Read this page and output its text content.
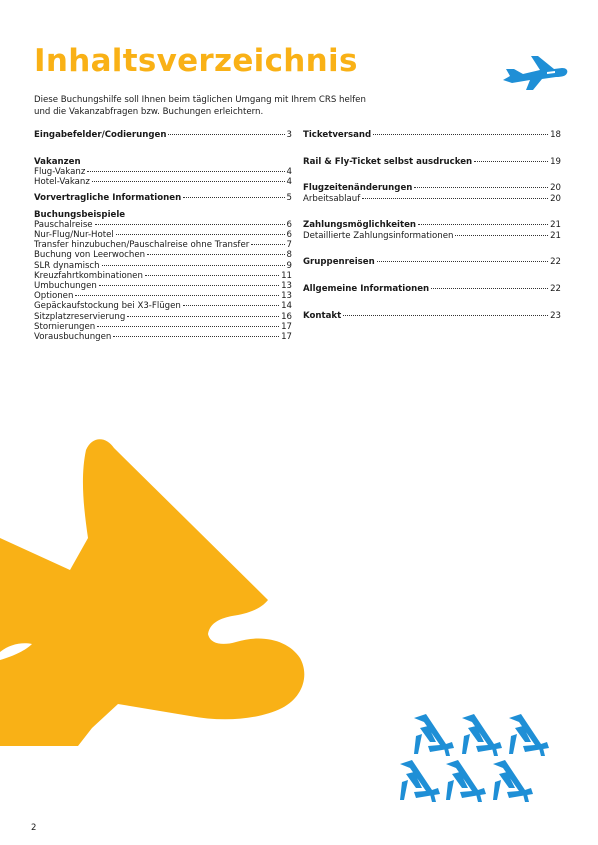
Inhaltsverzeichnis
Diese Buchungshilfe soll Ihnen beim täglichen Umgang mit Ihrem CRS helfen
und die Vakanzabfragen bzw. Buchungen erleichtern.
Eingabefelder/Codierungen	3
Vakanzen
Flug-Vakanz	4
Hotel-Vakanz	4
Vorvertragliche Informationen	5
Buchungsbeispiele
Pauschalreise	6
Nur-Flug/Nur-Hotel	6
Transfer hinzubuchen/Pauschalreise ohne Transfer	7
Buchung von Leerwochen	8
SLR dynamisch	9
Kreuzfahrtkombinationen	11
Umbuchungen	13
Optionen	13
Gepäckaufstockung bei X3-Flügen	14
Sitzplatzreservierung	16
Stornierungen	17
Vorausbuchungen	17
Ticketversand	18
Rail & Fly-Ticket selbst ausdrucken	19
Flugzeitenänderungen	20
Arbeitsablauf	20
Zahlungsmöglichkeiten	21
Detaillierte Zahlungsinformationen	21
Gruppenreisen	22
Allgemeine Informationen	22
Kontakt	23
2
